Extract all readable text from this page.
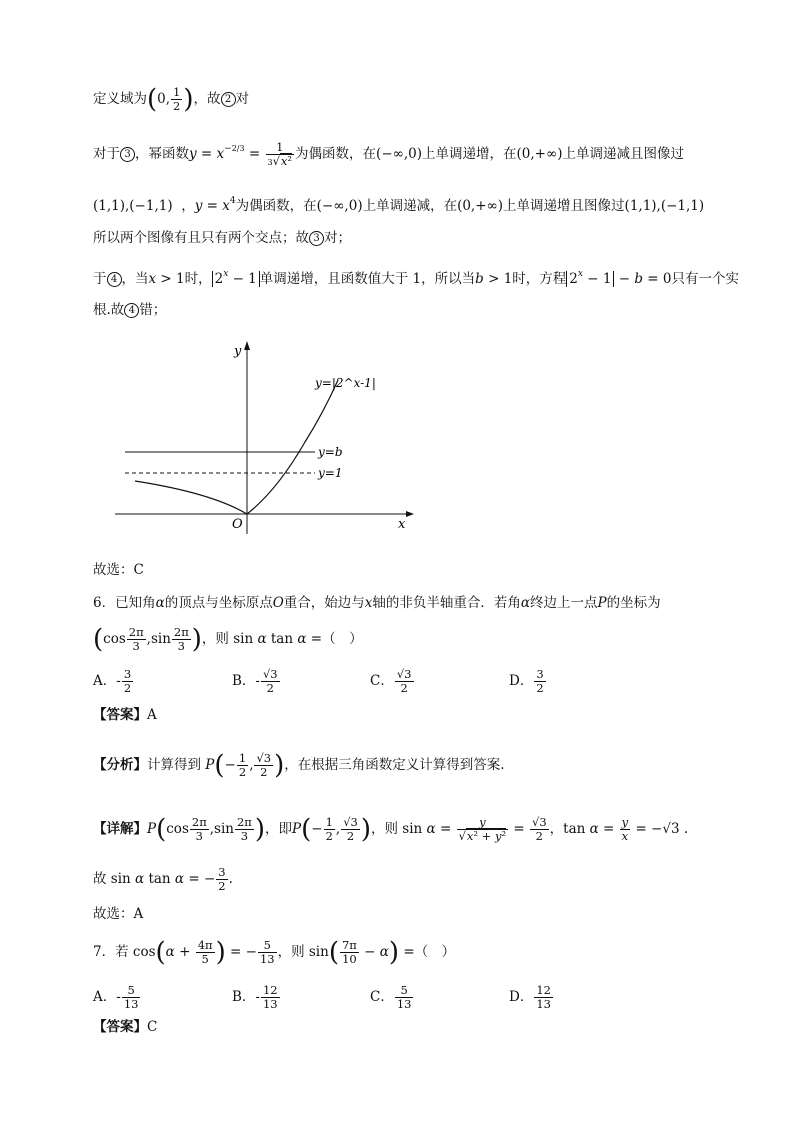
定义域为(0, $\frac{1}{2}$ )，故 2 对
对于 3 ，幂函数$y = x^{-2/3} = \frac{1}{\text{3√x²}}$ 为偶函数，在(−∞,0)上单调递增，在(0,+∞)上单调递减且图像过
(1,1),(−1,1)  ，$y = x^4$为偶函数，在(−∞,0)上单调递减，在(0,+∞)上单调递增且图像过(1,1),(−1,1)
所以两个图像有且只有两个交点；故 3 对；
于 4 ，当x > 1时， $2^x - 1$ 单调递增，且函数值大于 1，所以当b > 1时，方程 $2^x - 1 - b = 0$只有一个实
根.故 4 错；
y
x
O
y=|2^x-1|
y=b
y=1
故选：C
6．已知角α的顶点与坐标原点O重合，始边与x轴的非负半轴重合．若角α终边上一点P的坐标为
($\cos \frac{2\pi}{3} ,\sin \frac{2\pi}{3}$ )，则 sin α tan α =（　）
A．- $\frac{3}{2}$	B．- $\frac{√3}{2}$	C． $\frac{√3}{2}$	D． $\frac{3}{2}$
【答案】A
【分析】计算得到 $P(- \frac{1}{2}$ , $\frac{√3}{2}$ )，在根据三角函数定义计算得到答案.
【详解】$P(\cos \frac{2\pi}{3} ,\sin \frac{2\pi}{3}$ )，即$P(- \frac{1}{2}$ , $\frac{√3}{2}$ )，则 $\sin \alpha = \frac{y}{\text{√x² + y²}} = \frac{√3}{2}$ ，$\tan \alpha = \frac{y}{x} = -√3$ .
故 sin α tan α = − $\frac{3}{2}$ .
故选：A
7．若 $\cos(\alpha + \frac{4\pi}{5}$ ) = − $\frac{5}{13}$ ，则 $\sin( \frac{7\pi}{10} - \alpha)$ =（　）
A．- $\frac{5}{13}$	B．- $\frac{12}{13}$	C． $\frac{5}{13}$	D． $\frac{12}{13}$
【答案】C
